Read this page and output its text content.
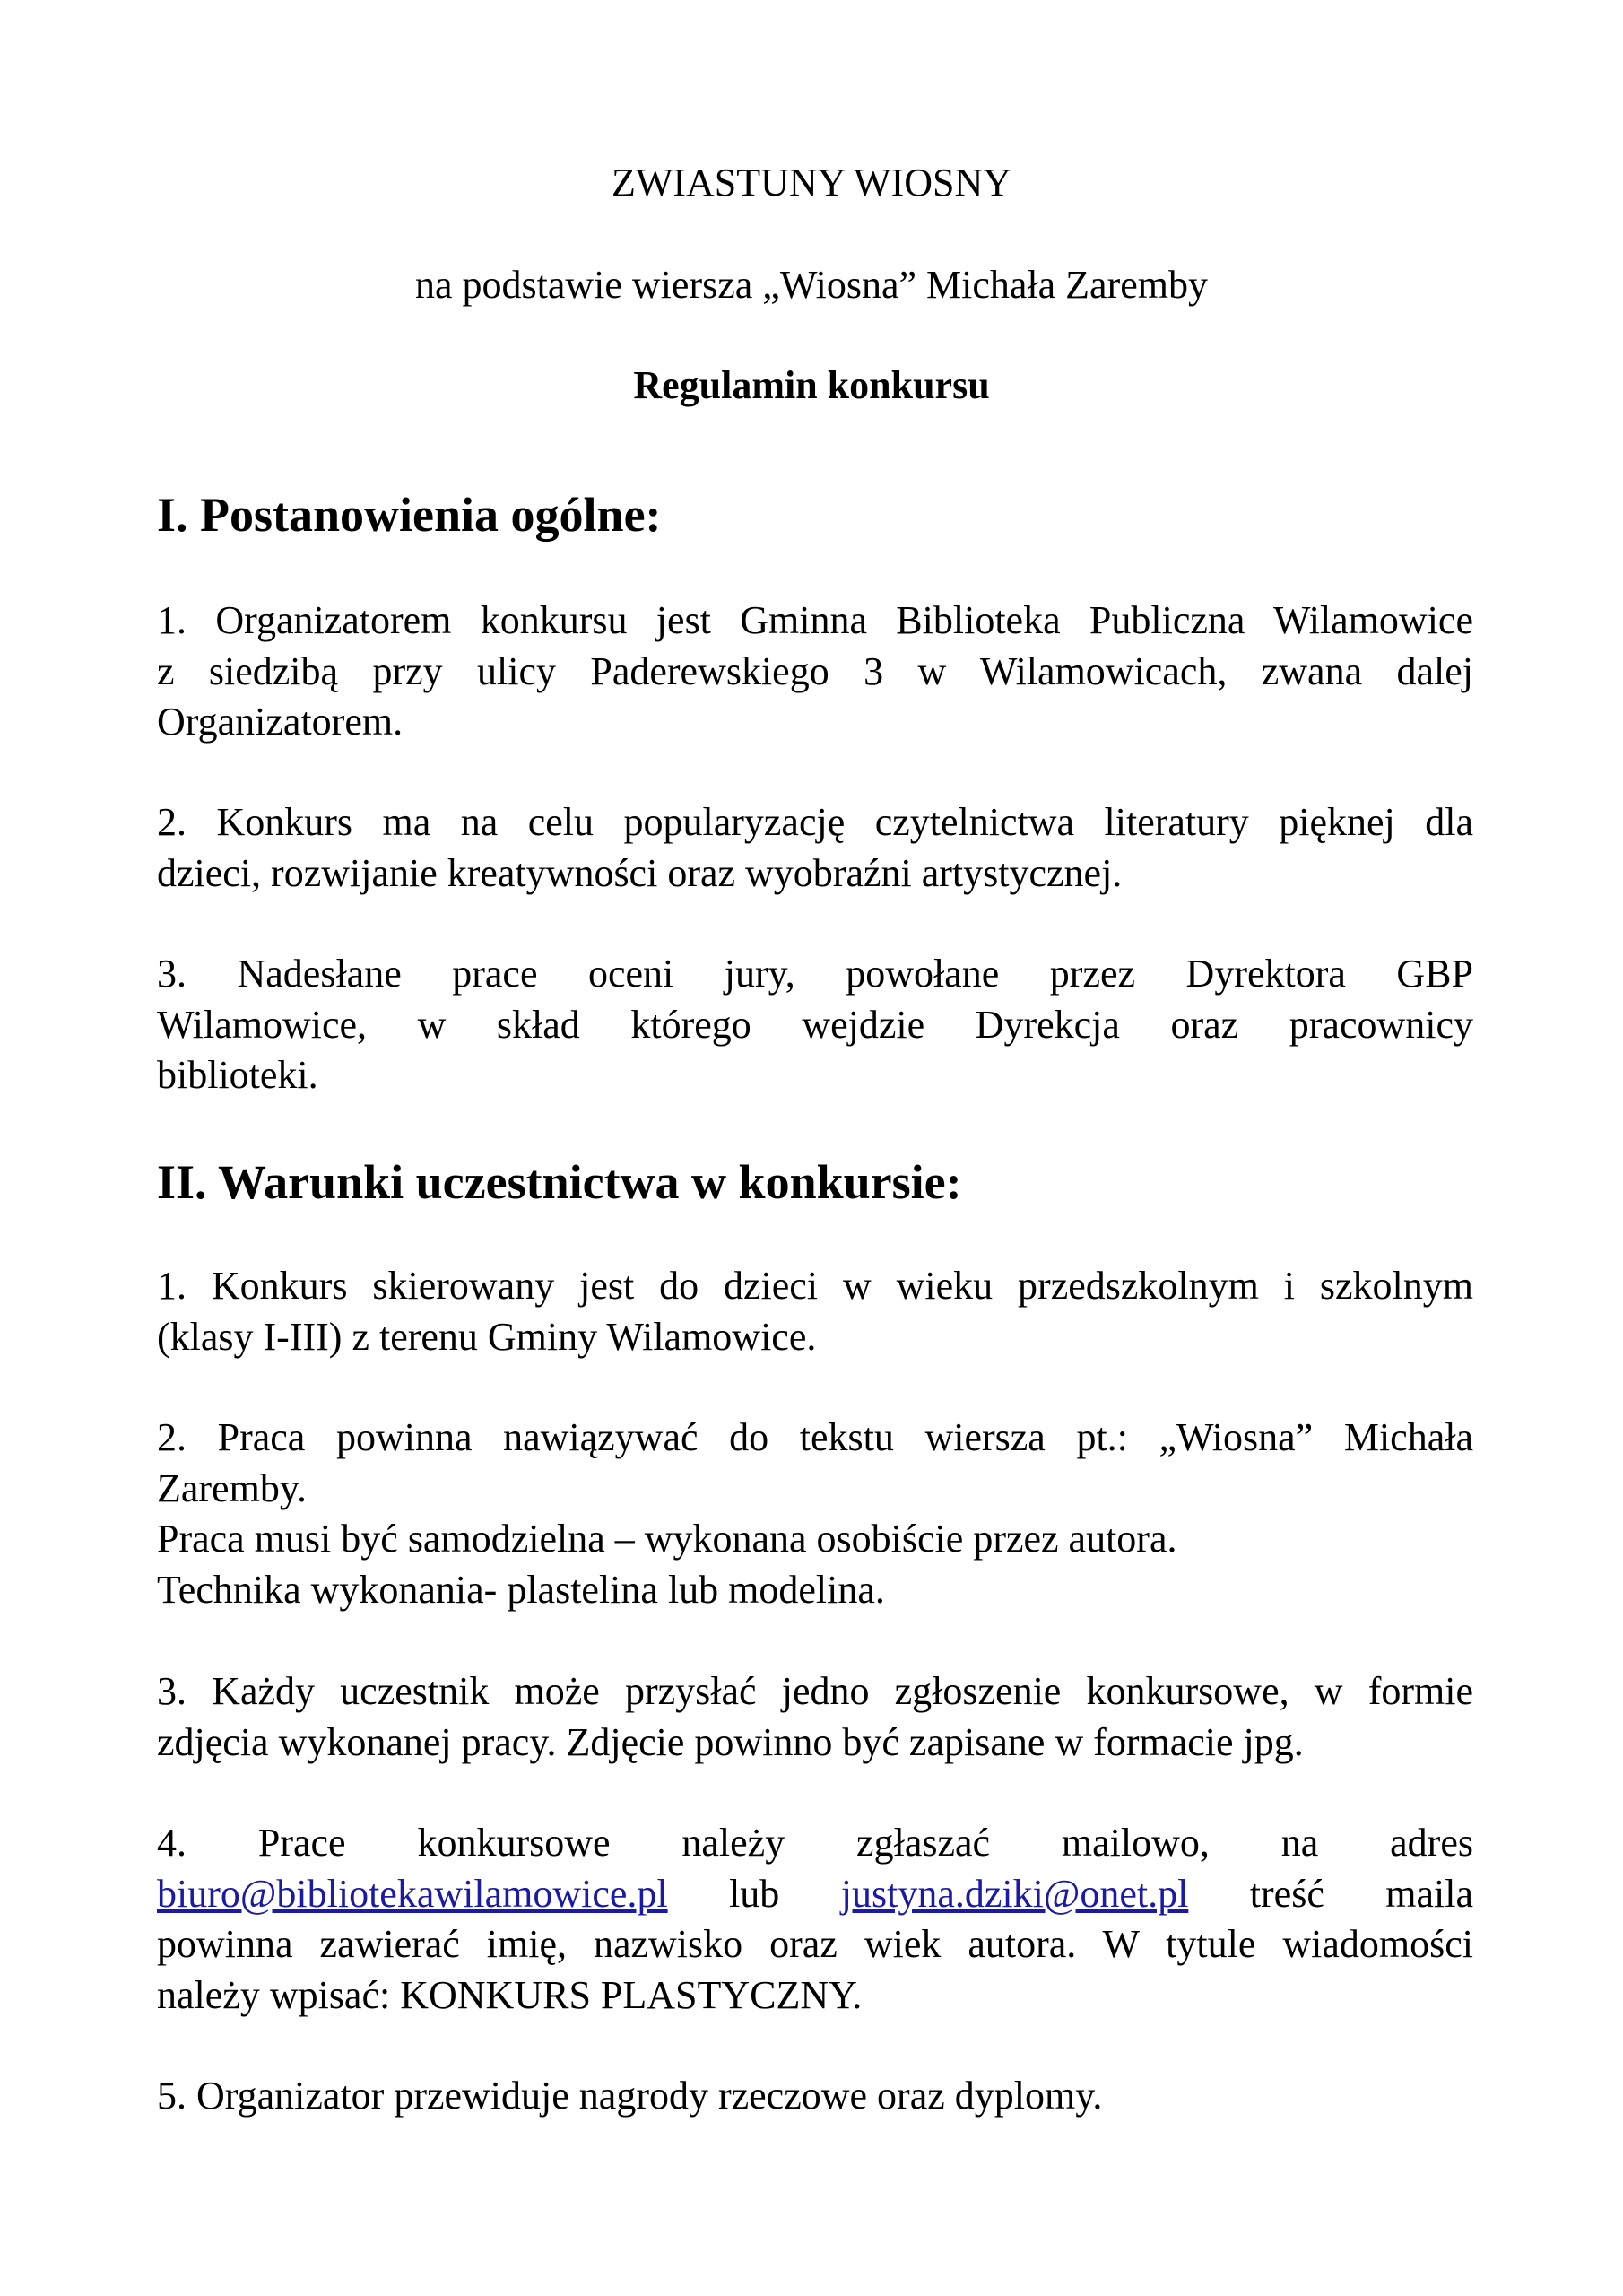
ZWIASTUNY WIOSNY
na podstawie wiersza „Wiosna” Michała Zaremby
Regulamin konkursu
I. Postanowienia ogólne:
1. Organizatorem konkursu jest Gminna Biblioteka Publiczna Wilamowice
z siedzibą przy ulicy Paderewskiego 3 w Wilamowicach, zwana dalej
Organizatorem.
2. Konkurs ma na celu popularyzację czytelnictwa literatury pięknej dla
dzieci, rozwijanie kreatywności oraz wyobraźni artystycznej.
3. Nadesłane prace oceni jury, powołane przez Dyrektora GBP
Wilamowice, w skład którego wejdzie Dyrekcja oraz pracownicy
biblioteki.
II. Warunki uczestnictwa w konkursie:
1. Konkurs skierowany jest do dzieci w wieku przedszkolnym i szkolnym
(klasy I-III) z terenu Gminy Wilamowice.
2. Praca powinna nawiązywać do tekstu wiersza pt.: „Wiosna” Michała
Zaremby.
Praca musi być samodzielna – wykonana osobiście przez autora.
Technika wykonania- plastelina lub modelina.
3. Każdy uczestnik może przysłać jedno zgłoszenie konkursowe, w formie
zdjęcia wykonanej pracy. Zdjęcie powinno być zapisane w formacie jpg.
4. Prace konkursowe należy zgłaszać mailowo, na adres
biuro@bibliotekawilamowice.pl lub justyna.dziki@onet.pl treść maila
powinna zawierać imię, nazwisko oraz wiek autora. W tytule wiadomości
należy wpisać: KONKURS PLASTYCZNY.
5. Organizator przewiduje nagrody rzeczowe oraz dyplomy.
